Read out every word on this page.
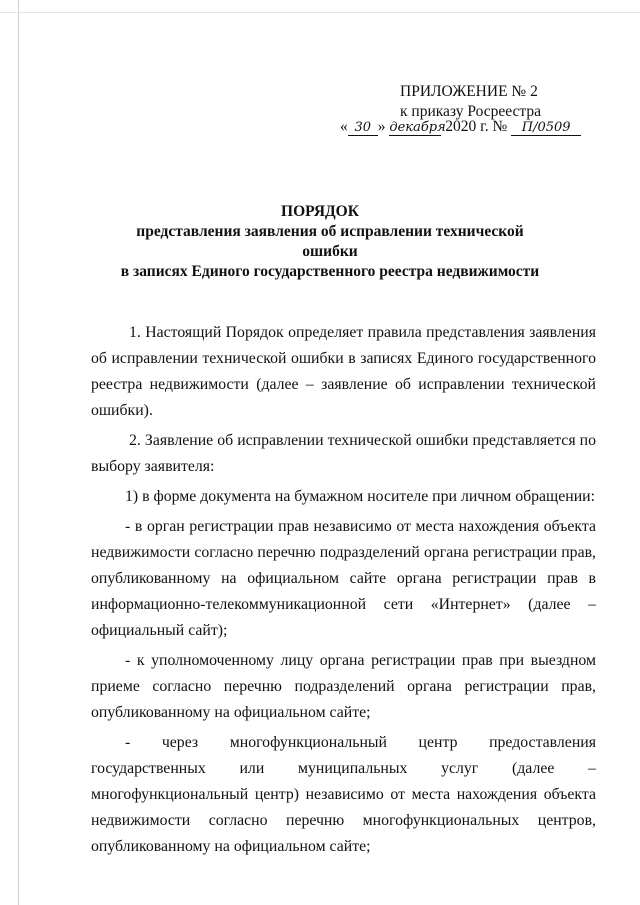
ПРИЛОЖЕНИЕ № 2
к приказу Росреестра
« 30 » декабря 2020 г. № П/0509
ПОРЯДОК
представления заявления об исправлении технической ошибки
в записях Единого государственного реестра недвижимости

1. Настоящий Порядок определяет правила представления заявления об исправлении технической ошибки в записях Единого государственного реестра недвижимости (далее – заявление об исправлении технической ошибки).

2. Заявление об исправлении технической ошибки представляется по выбору заявителя:

1) в форме документа на бумажном носителе при личном обращении:

- в орган регистрации прав независимо от места нахождения объекта недвижимости согласно перечню подразделений органа регистрации прав, опубликованному на официальном сайте органа регистрации прав в информационно-телекоммуникационной сети «Интернет» (далее – официальный сайт);

- к уполномоченному лицу органа регистрации прав при выездном приеме согласно перечню подразделений органа регистрации прав, опубликованному на официальном сайте;

- через многофункциональный центр предоставления государственных или муниципальных услуг (далее – многофункциональный центр) независимо от места нахождения объекта недвижимости согласно перечню многофункциональных центров, опубликованному на официальном сайте;
